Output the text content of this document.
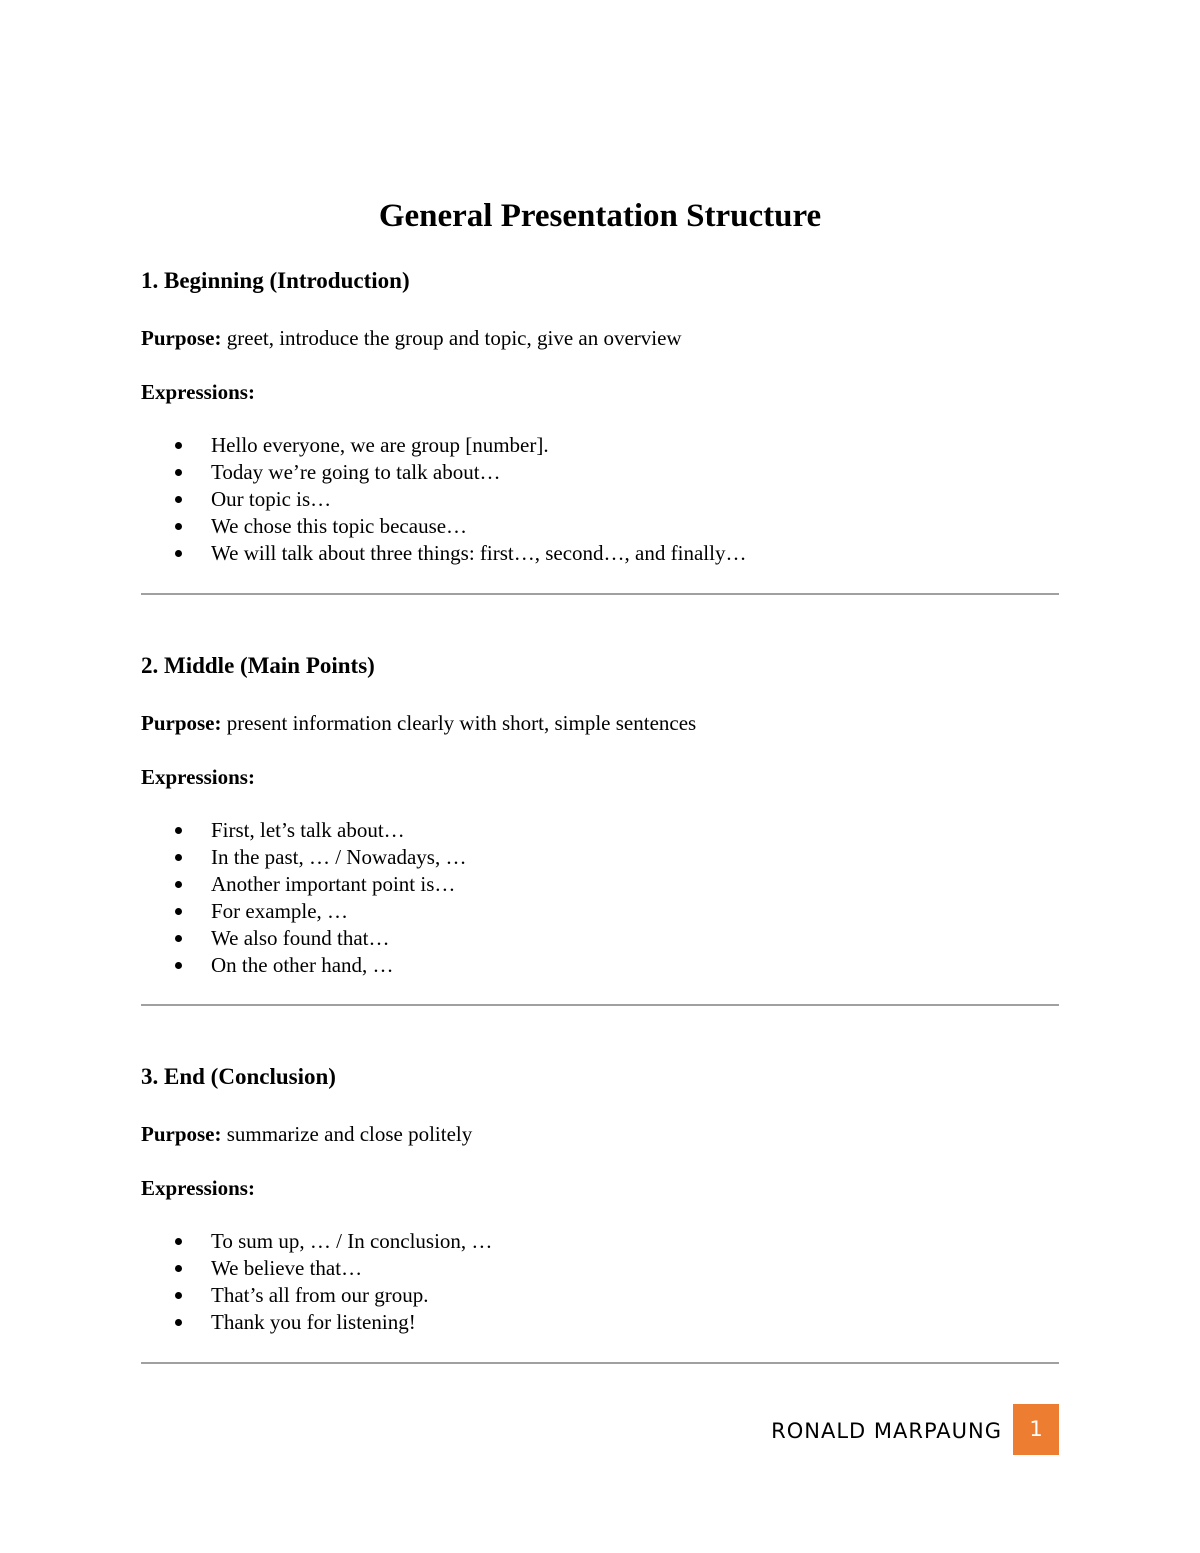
General Presentation Structure
1. Beginning (Introduction)

Purpose: greet, introduce the group and topic, give an overview

Expressions:

Hello everyone, we are group [number].
Today we’re going to talk about…
Our topic is…
We chose this topic because…
We will talk about three things: first…, second…, and finally…
2. Middle (Main Points)

Purpose: present information clearly with short, simple sentences

Expressions:

First, let’s talk about…
In the past, … / Nowadays, …
Another important point is…
For example, …
We also found that…
On the other hand, …
3. End (Conclusion)

Purpose: summarize and close politely

Expressions:

To sum up, … / In conclusion, …
We believe that…
That’s all from our group.
Thank you for listening!
RONALD MARPAUNG	1
